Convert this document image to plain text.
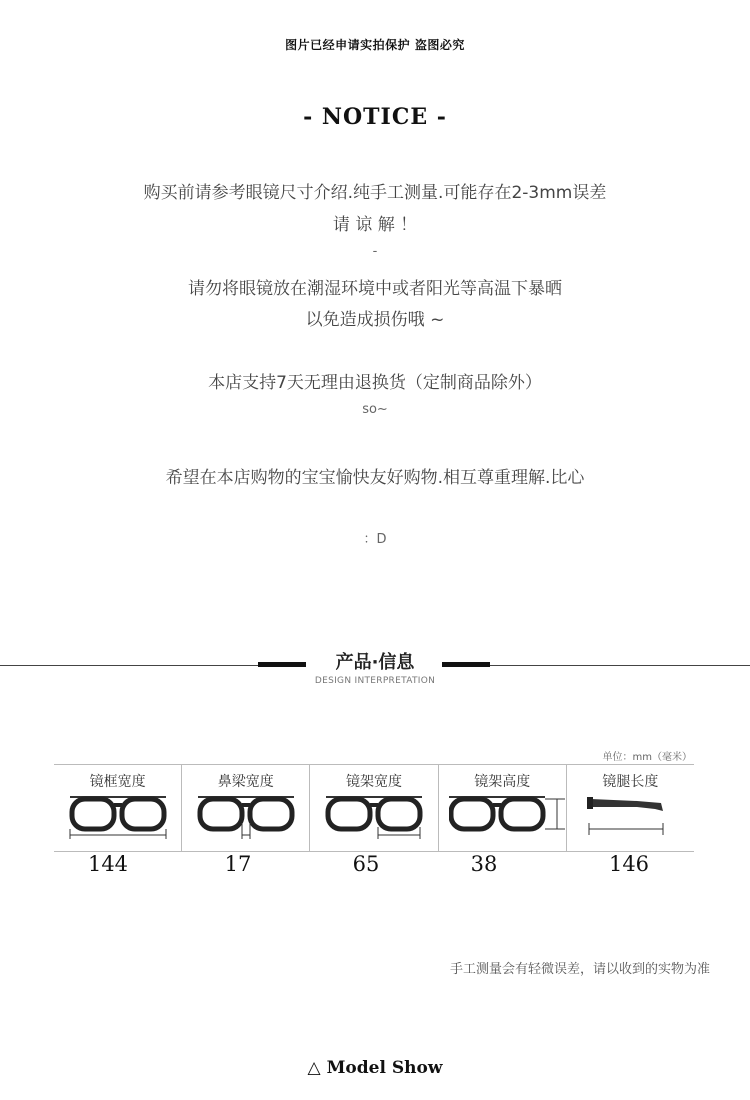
图片已经申请实拍保护 盗图必究
- NOTICE -
购买前请参考眼镜尺寸介绍.纯手工测量.可能存在2-3mm误差
请 谅 解 ！
-
请勿将眼镜放在潮湿环境中或者阳光等高温下暴晒
以免造成损伤哦 ~
本店支持7天无理由退换货（定制商品除外）
so~
希望在本店购物的宝宝愉快友好购物.相互尊重理解.比心
：D
产品·信息
DESIGN INTERPRETATION
单位：mm（毫米）
镜框宽度	鼻梁宽度	镜架宽度	镜架高度	镜腿长度
144	17	65	38	146
手工测量会有轻微误差，请以收到的实物为准
△ Model Show
